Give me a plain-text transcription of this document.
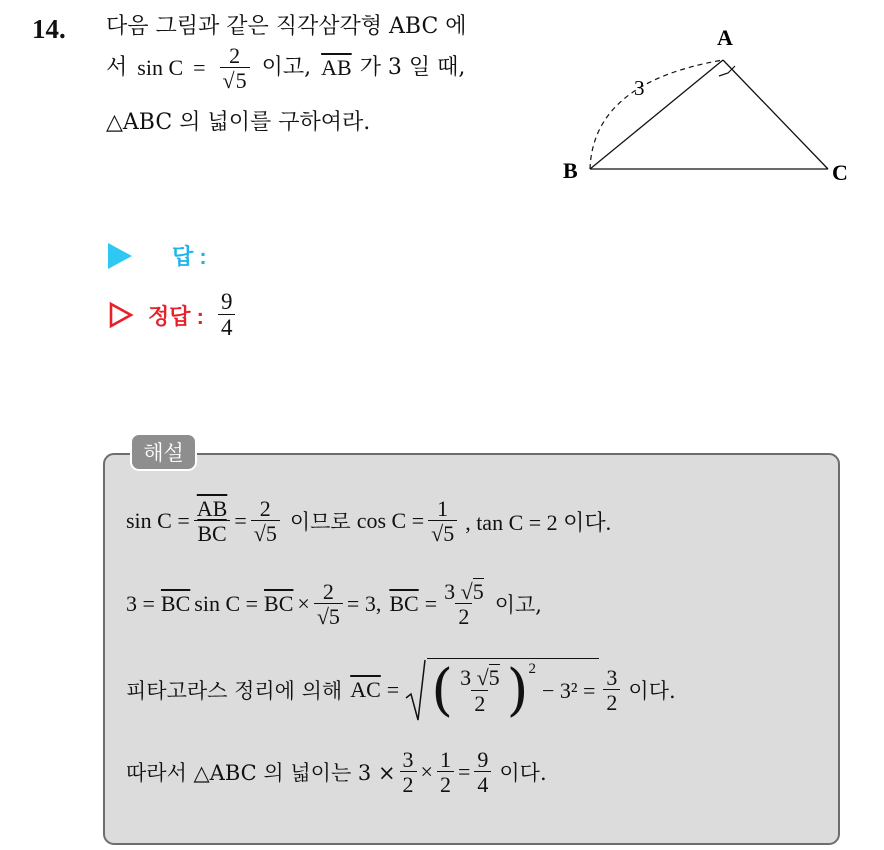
14. 다음 그림과 같은 직각삼각형 ABC 에
서 $\sin C = \frac{2}{√5}$ 이고, $\overline{AB}$ 가 3 일 때,
△ABC 의 넓이를 구하여라.
A
B	C
3
답 :
정답 : $\frac{9}{4}$
해설
$\sin C = \frac{\overline{AB}}{BC} = \frac{2}{√5}$ 이므로 $\cos C = \frac{1}{√5}$ , tan C = 2 이다.
$3 = \overline{BC}$ $\sin C = \overline{BC} \times \frac{2}{√5} = 3$, $\overline{BC} = \frac{3 √5}{2}$ 이고,
피타고라스 정리에 의해 $\overline{AC}$ = ( $\frac{3 √5}{2}$ ) 2
− $3^2 = \frac{3}{2}$ 이다.
따라서 △ABC 의 넓이는 $3 \times \frac{3}{2} \times \frac{1}{2} = \frac{9}{4}$ 이다.
